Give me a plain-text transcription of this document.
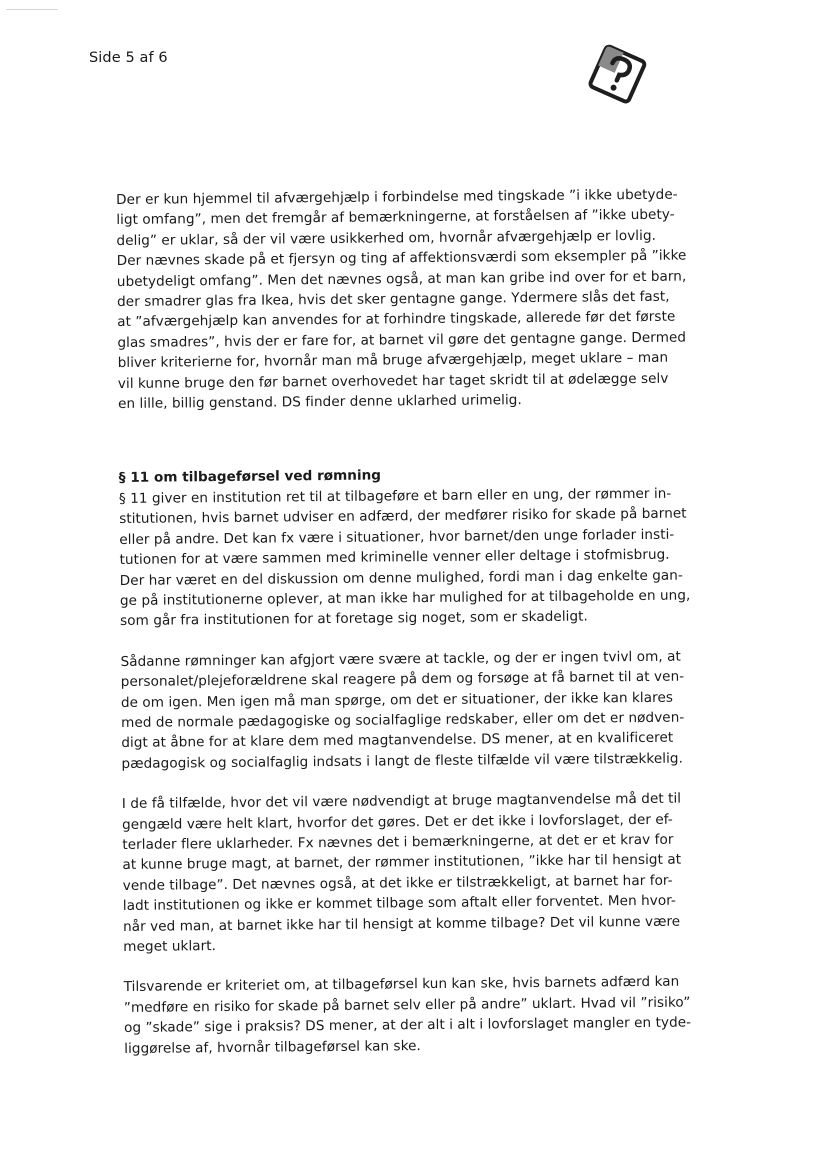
Side 5 af 6

Der er kun hjemmel til afværgehjælp i forbindelse med tingskade ”i ikke ubetyde-
ligt omfang”, men det fremgår af bemærkningerne, at forståelsen af ”ikke ubety-
delig” er uklar, så der vil være usikkerhed om, hvornår afværgehjælp er lovlig.
Der nævnes skade på et fjersyn og ting af affektionsværdi som eksempler på ”ikke
ubetydeligt omfang”. Men det nævnes også, at man kan gribe ind over for et barn,
der smadrer glas fra Ikea, hvis det sker gentagne gange. Ydermere slås det fast,
at ”afværgehjælp kan anvendes for at forhindre tingskade, allerede før det første
glas smadres”, hvis der er fare for, at barnet vil gøre det gentagne gange. Dermed
bliver kriterierne for, hvornår man må bruge afværgehjælp, meget uklare – man
vil kunne bruge den før barnet overhovedet har taget skridt til at ødelægge selv
en lille, billig genstand. DS finder denne uklarhed urimelig.

§ 11 om tilbageførsel ved rømning

§ 11 giver en institution ret til at tilbageføre et barn eller en ung, der rømmer in-
stitutionen, hvis barnet udviser en adfærd, der medfører risiko for skade på barnet
eller på andre. Det kan fx være i situationer, hvor barnet/den unge forlader insti-
tutionen for at være sammen med kriminelle venner eller deltage i stofmisbrug.
Der har været en del diskussion om denne mulighed, fordi man i dag enkelte gan-
ge på institutionerne oplever, at man ikke har mulighed for at tilbageholde en ung,
som går fra institutionen for at foretage sig noget, som er skadeligt.

Sådanne rømninger kan afgjort være svære at tackle, og der er ingen tvivl om, at
personalet/plejeforældrene skal reagere på dem og forsøge at få barnet til at ven-
de om igen. Men igen må man spørge, om det er situationer, der ikke kan klares
med de normale pædagogiske og socialfaglige redskaber, eller om det er nødven-
digt at åbne for at klare dem med magtanvendelse. DS mener, at en kvalificeret
pædagogisk og socialfaglig indsats i langt de fleste tilfælde vil være tilstrækkelig.

I de få tilfælde, hvor det vil være nødvendigt at bruge magtanvendelse må det til
gengæld være helt klart, hvorfor det gøres. Det er det ikke i lovforslaget, der ef-
terlader flere uklarheder. Fx nævnes det i bemærkningerne, at det er et krav for
at kunne bruge magt, at barnet, der rømmer institutionen, ”ikke har til hensigt at
vende tilbage”. Det nævnes også, at det ikke er tilstrækkeligt, at barnet har for-
ladt institutionen og ikke er kommet tilbage som aftalt eller forventet. Men hvor-
når ved man, at barnet ikke har til hensigt at komme tilbage? Det vil kunne være
meget uklart.

Tilsvarende er kriteriet om, at tilbageførsel kun kan ske, hvis barnets adfærd kan
”medføre en risiko for skade på barnet selv eller på andre” uklart. Hvad vil ”risiko”
og ”skade” sige i praksis? DS mener, at der alt i alt i lovforslaget mangler en tyde-
liggørelse af, hvornår tilbageførsel kan ske.
